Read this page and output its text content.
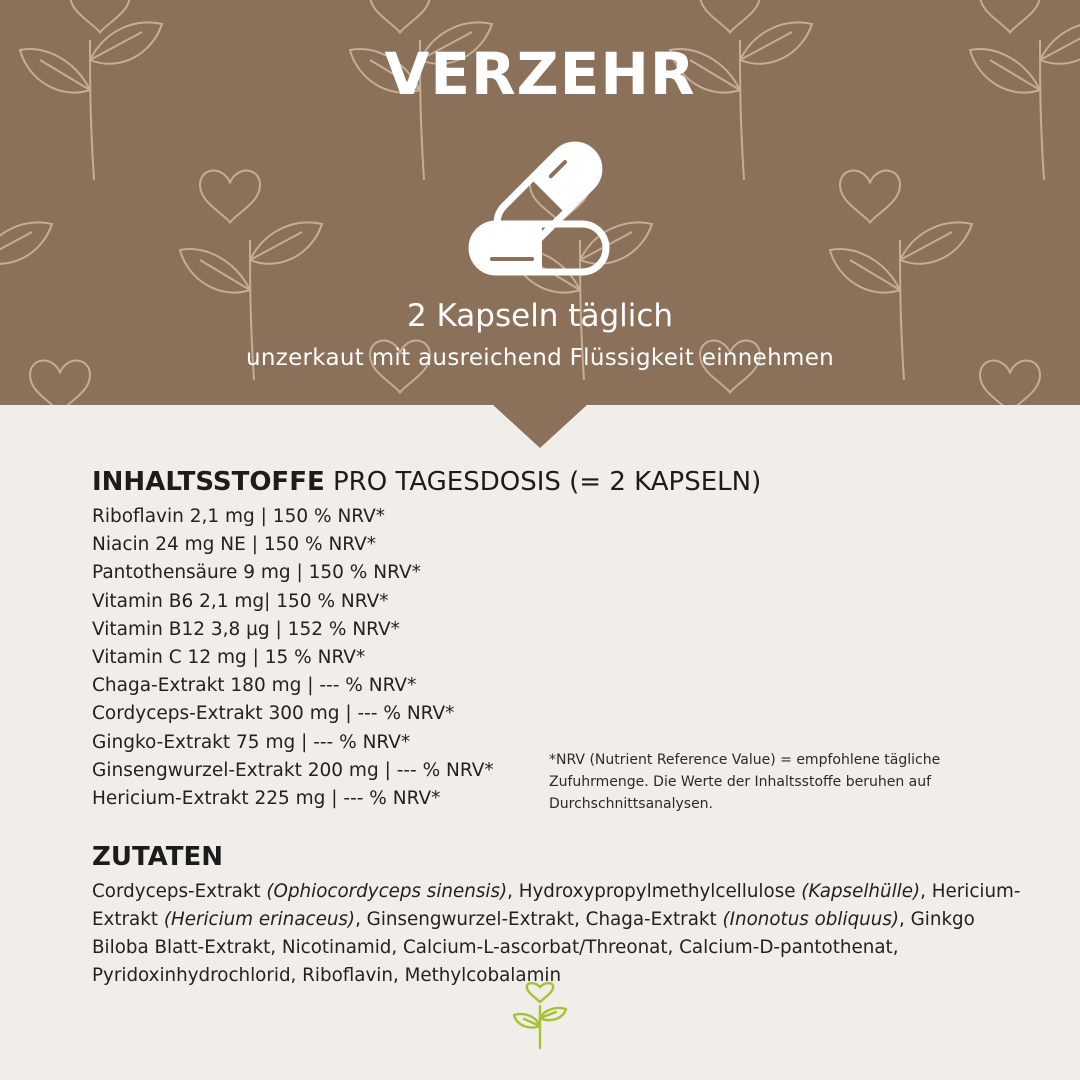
VERZEHR
2 Kapseln täglich
unzerkaut mit ausreichend Flüssigkeit einnehmen
INHALTSSTOFFE PRO TAGESDOSIS (= 2 KAPSELN)
Riboflavin 2,1 mg | 150 % NRV*
Niacin 24 mg NE | 150 % NRV*
Pantothensäure 9 mg | 150 % NRV*
Vitamin B6 2,1 mg| 150 % NRV*
Vitamin B12 3,8 µg | 152 % NRV*
Vitamin C 12 mg | 15 % NRV*
Chaga-Extrakt 180 mg | --- % NRV*
Cordyceps-Extrakt 300 mg | --- % NRV*
Gingko-Extrakt 75 mg | --- % NRV*
Ginsengwurzel-Extrakt 200 mg | --- % NRV*
Hericium-Extrakt 225 mg | --- % NRV*
*NRV (Nutrient Reference Value) = empfohlene tägliche Zufuhrmenge. Die Werte der Inhaltsstoffe beruhen auf Durchschnittsanalysen.
ZUTATEN
Cordyceps-Extrakt (Ophiocordyceps sinensis), Hydroxypropylmethylcellulose (Kapselhülle), Hericium-Extrakt (Hericium erinaceus), Ginsengwurzel-Extrakt, Chaga-Extrakt (Inonotus obliquus), Ginkgo Biloba Blatt-Extrakt, Nicotinamid, Calcium-L-ascorbat/Threonat, Calcium-D-pantothenat, Pyridoxinhydrochlorid, Riboflavin, Methylcobalamin
